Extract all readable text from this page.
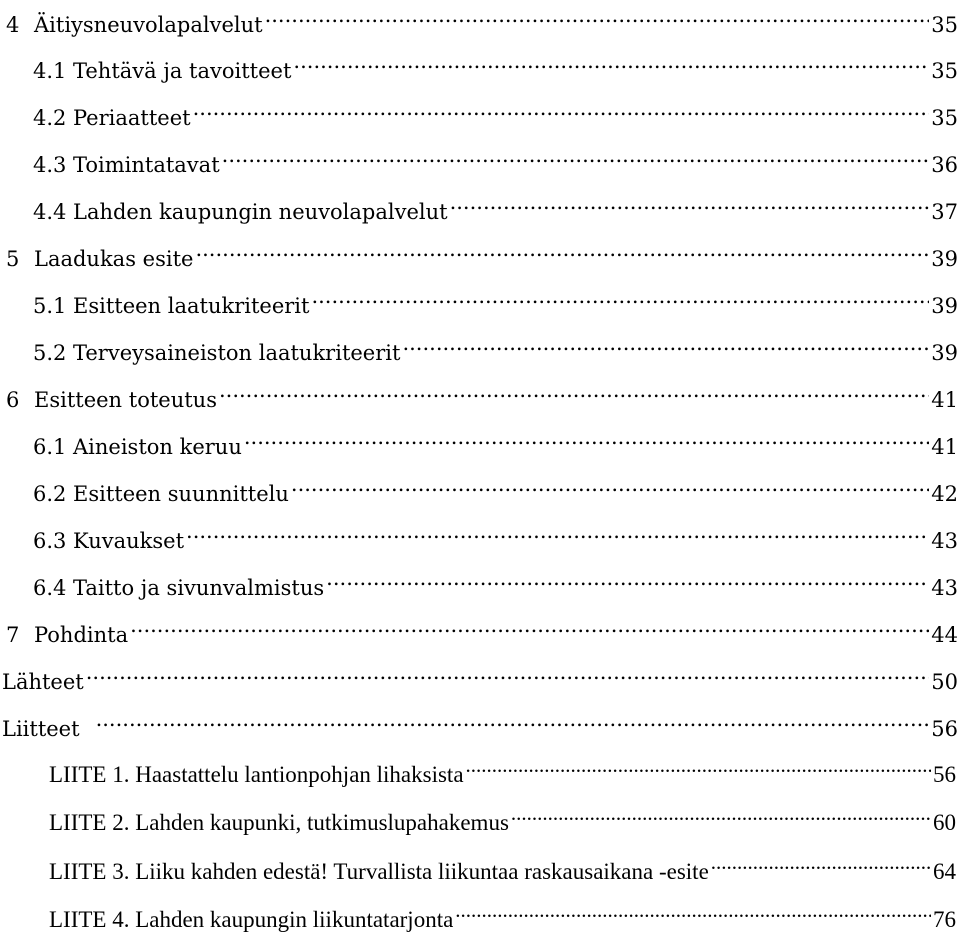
4 Äitiysneuvolapalvelut .....	35
4.1 Tehtävä ja tavoitteet .....	35
4.2 Periaatteet .....	35
4.3 Toimintatavat .....	36
4.4 Lahden kaupungin neuvolapalvelut .....	37
5 Laadukas esite .....	39
5.1 Esitteen laatukriteerit .....	39
5.2 Terveysaineiston laatukriteerit .....	39
6 Esitteen toteutus .....	41
6.1 Aineiston keruu .....	41
6.2 Esitteen suunnittelu .....	42
6.3 Kuvaukset .....	43
6.4 Taitto ja sivunvalmistus .....	43
7 Pohdinta .....	44
Lähteet .....	50
Liitteet .....	56
LIITE 1. Haastattelu lantionpohjan lihaksista .....	56
LIITE 2. Lahden kaupunki, tutkimuslupahakemus .....	60
LIITE 3. Liiku kahden edestä! Turvallista liikuntaa raskausaikana -esite .....	64
LIITE 4. Lahden kaupungin liikuntatarjonta .....	76
